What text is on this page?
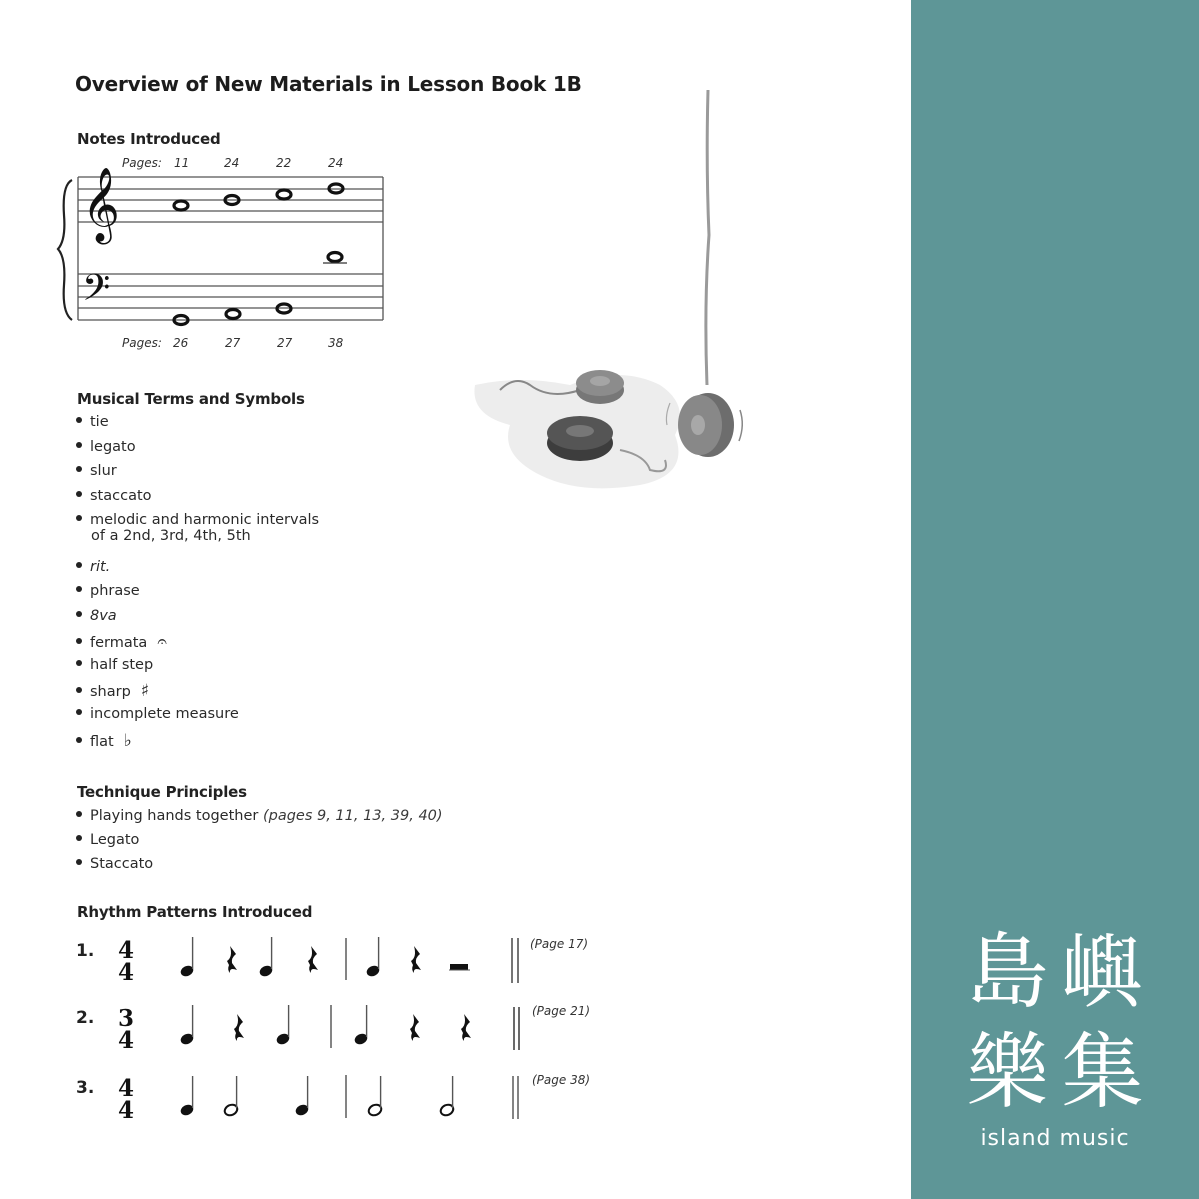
Overview of New Materials in Lesson Book 1B
Notes Introduced
Pages: 11	24	22	24
𝄞
𝄢
Pages: 26	27	27	38
Musical Terms and Symbols
tie
legato
slur
staccato
melodic and harmonic intervals
of a 2nd, 3rd, 4th, 5th
rit.
phrase
8va
fermata 𝄐
half step
sharp ♯
incomplete measure
flat ♭
Technique Principles
Playing hands together (pages 9, 11, 13, 39, 40)
Legato
Staccato
Rhythm Patterns Introduced
1. 4
4
(Page 17)
2. 3
4
(Page 21)
3. 4
4
(Page 38)
島 嶼
樂 集
island music
